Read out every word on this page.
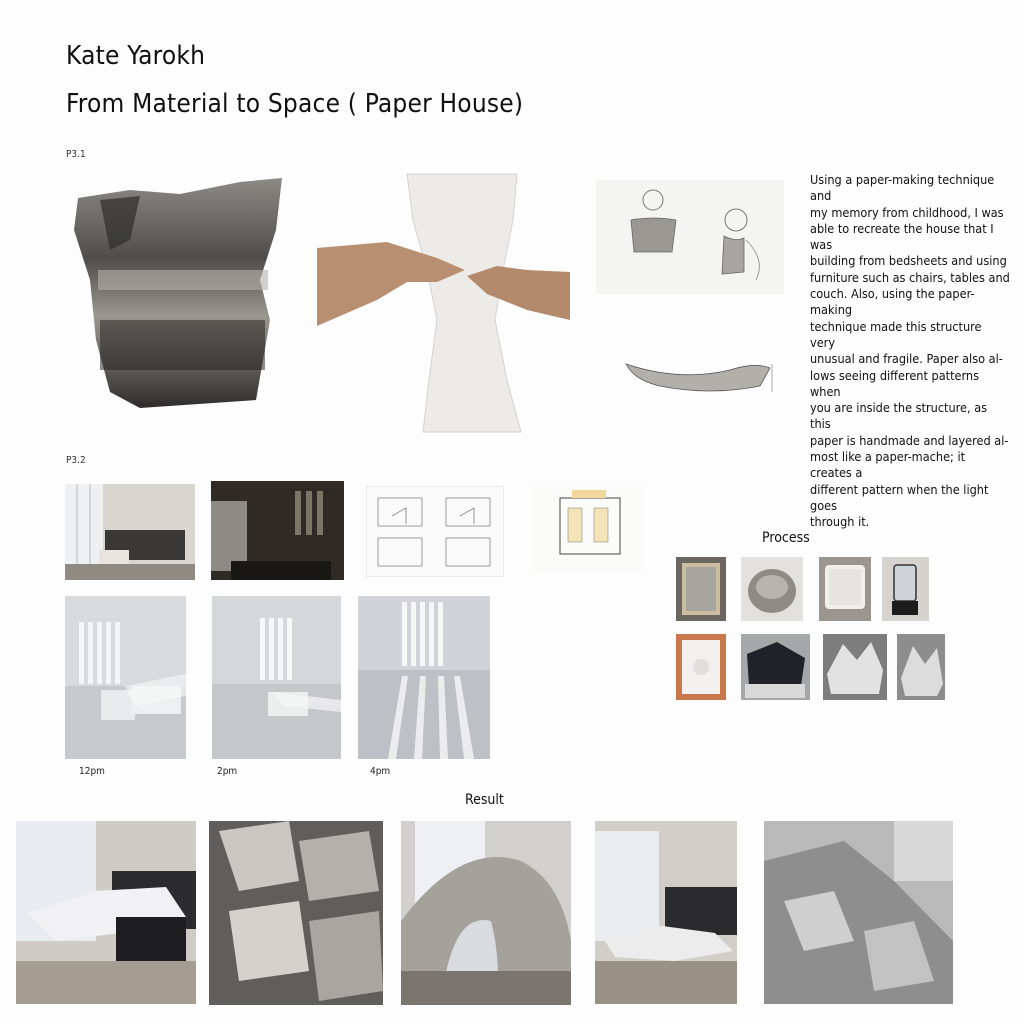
Kate Yarokh
From Material to Space ( Paper House)
P3.1
Using a paper-making technique and
my memory from childhood, I was
able to recreate the house that I was
building from bedsheets and using
furniture such as chairs, tables and
couch. Also, using the paper-making
technique made this structure very
unusual and fragile. Paper also al-
lows seeing different patterns when
you are inside the structure, as this
paper is handmade and layered al-
most like a paper-mache; it creates a
different pattern when the light goes
through it.
P3.2
12pm	2pm	4pm
Process
Result
